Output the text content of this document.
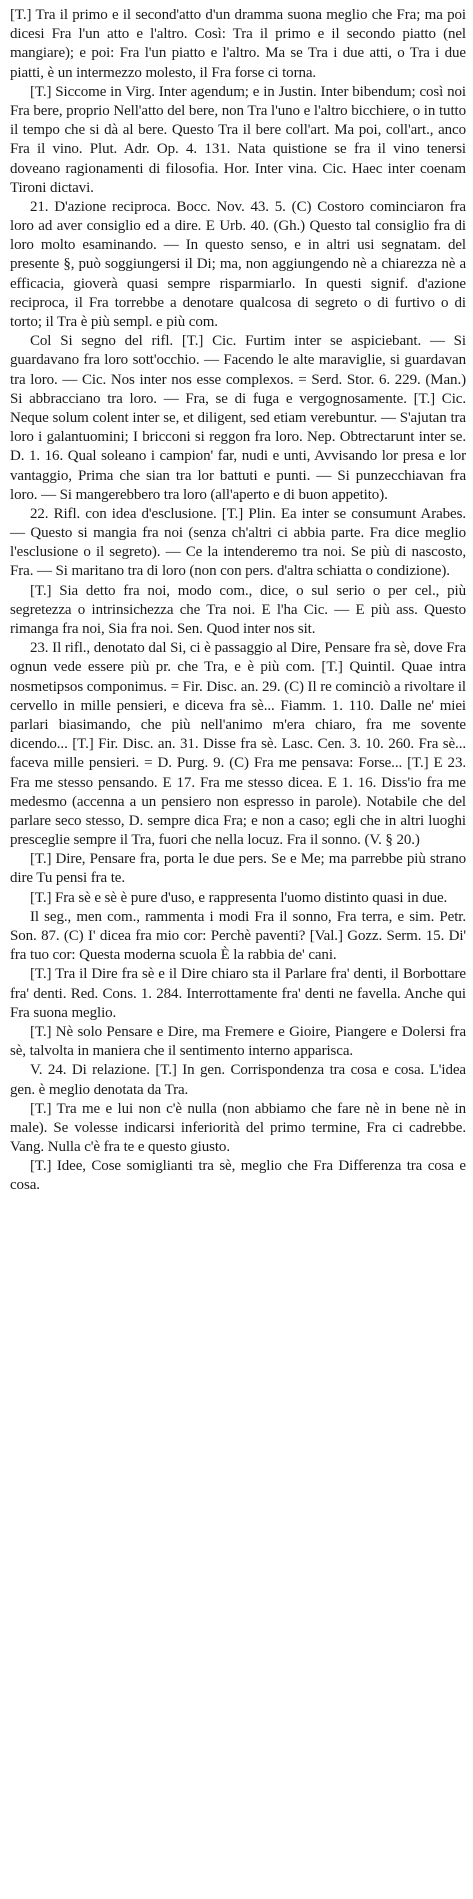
[T.] Tra il primo e il second'atto d'un dramma suona meglio che Fra; ma poi dicesi Fra l'un atto e l'altro. Così: Tra il primo e il secondo piatto (nel mangiare); e poi: Fra l'un piatto e l'altro. Ma se Tra i due atti, o Tra i due piatti, è un intermezzo molesto, il Fra forse ci torna.

[T.] Siccome in Virg. Inter agendum; e in Justin. Inter bibendum; così noi Fra bere, proprio Nell'atto del bere, non Tra l'uno e l'altro bicchiere, o in tutto il tempo che si dà al bere. Questo Tra il bere coll'art. Ma poi, coll'art., anco Fra il vino. Plut. Adr. Op. 4. 131. Nata quistione se fra il vino tenersi doveano ragionamenti di filosofia. Hor. Inter vina. Cic. Haec inter coenam Tironi dictavi.

21. D'azione reciproca. Bocc. Nov. 43. 5. (C) Costoro cominciaron fra loro ad aver consiglio ed a dire. E Urb. 40. (Gh.) Questo tal consiglio fra di loro molto esaminando. — In questo senso, e in altri usi segnatam. del presente §, può soggiungersi il Di; ma, non aggiungendo nè a chiarezza nè a efficacia, gioverà quasi sempre risparmiarlo. In questi signif. d'azione reciproca, il Fra torrebbe a denotare qualcosa di segreto o di furtivo o di torto; il Tra è più sempl. e più com.

Col Si segno del rifl. [T.] Cic. Furtim inter se aspiciebant. — Si guardavano fra loro sott'occhio. — Facendo le alte maraviglie, si guardavan tra loro. — Cic. Nos inter nos esse complexos. = Serd. Stor. 6. 229. (Man.) Si abbracciano tra loro. — Fra, se di fuga e vergognosamente. [T.] Cic. Neque solum colent inter se, et diligent, sed etiam verebuntur. — S'ajutan tra loro i galantuomini; I bricconi si reggon fra loro. Nep. Obtrectarunt inter se. D. 1. 16. Qual soleano i campion' far, nudi e unti, Avvisando lor presa e lor vantaggio, Prima che sian tra lor battuti e punti. — Si punzecchiavan fra loro. — Si mangerebbero tra loro (all'aperto e di buon appetito).

22. Rifl. con idea d'esclusione. [T.] Plin. Ea inter se consumunt Arabes. — Questo si mangia fra noi (senza ch'altri ci abbia parte. Fra dice meglio l'esclusione o il segreto). — Ce la intenderemo tra noi. Se più di nascosto, Fra. — Si maritano tra di loro (non con pers. d'altra schiatta o condizione).

[T.] Sia detto fra noi, modo com., dice, o sul serio o per cel., più segretezza o intrinsichezza che Tra noi. E l'ha Cic. — E più ass. Questo rimanga fra noi, Sia fra noi. Sen. Quod inter nos sit.

23. Il rifl., denotato dal Si, ci è passaggio al Dire, Pensare fra sè, dove Fra ognun vede essere più pr. che Tra, e è più com. [T.] Quintil. Quae intra nosmetipsos componimus. = Fir. Disc. an. 29. (C) Il re cominciò a rivoltare il cervello in mille pensieri, e diceva fra sè... Fiamm. 1. 110. Dalle ne' miei parlari biasimando, che più nell'animo m'era chiaro, fra me sovente dicendo... [T.] Fir. Disc. an. 31. Disse fra sè. Lasc. Cen. 3. 10. 260. Fra sè... faceva mille pensieri. = D. Purg. 9. (C) Fra me pensava: Forse... [T.] E 23. Fra me stesso pensando. E 17. Fra me stesso dicea. E 1. 16. Diss'io fra me medesmo (accenna a un pensiero non espresso in parole). Notabile che del parlare seco stesso, D. sempre dica Fra; e non a caso; egli che in altri luoghi presceglie sempre il Tra, fuori che nella locuz. Fra il sonno. (V. § 20.)

[T.] Dire, Pensare fra, porta le due pers. Se e Me; ma parrebbe più strano dire Tu pensi fra te.

[T.] Fra sè e sè è pure d'uso, e rappresenta l'uomo distinto quasi in due.

Il seg., men com., rammenta i modi Fra il sonno, Fra terra, e sim. Petr. Son. 87. (C) I' dicea fra mio cor: Perchè paventi? [Val.] Gozz. Serm. 15. Di' fra tuo cor: Questa moderna scuola È la rabbia de' cani.

[T.] Tra il Dire fra sè e il Dire chiaro sta il Parlare fra' denti, il Borbottare fra' denti. Red. Cons. 1. 284. Interrottamente fra' denti ne favella. Anche qui Fra suona meglio.

[T.] Nè solo Pensare e Dire, ma Fremere e Gioire, Piangere e Dolersi fra sè, talvolta in maniera che il sentimento interno apparisca.

V. 24. Di relazione. [T.] In gen. Corrispondenza tra cosa e cosa. L'idea gen. è meglio denotata da Tra.

[T.] Tra me e lui non c'è nulla (non abbiamo che fare nè in bene nè in male). Se volesse indicarsi inferiorità del primo termine, Fra ci cadrebbe. Vang. Nulla c'è fra te e questo giusto.

[T.] Idee, Cose somiglianti tra sè, meglio che Fra Differenza tra cosa e cosa.
